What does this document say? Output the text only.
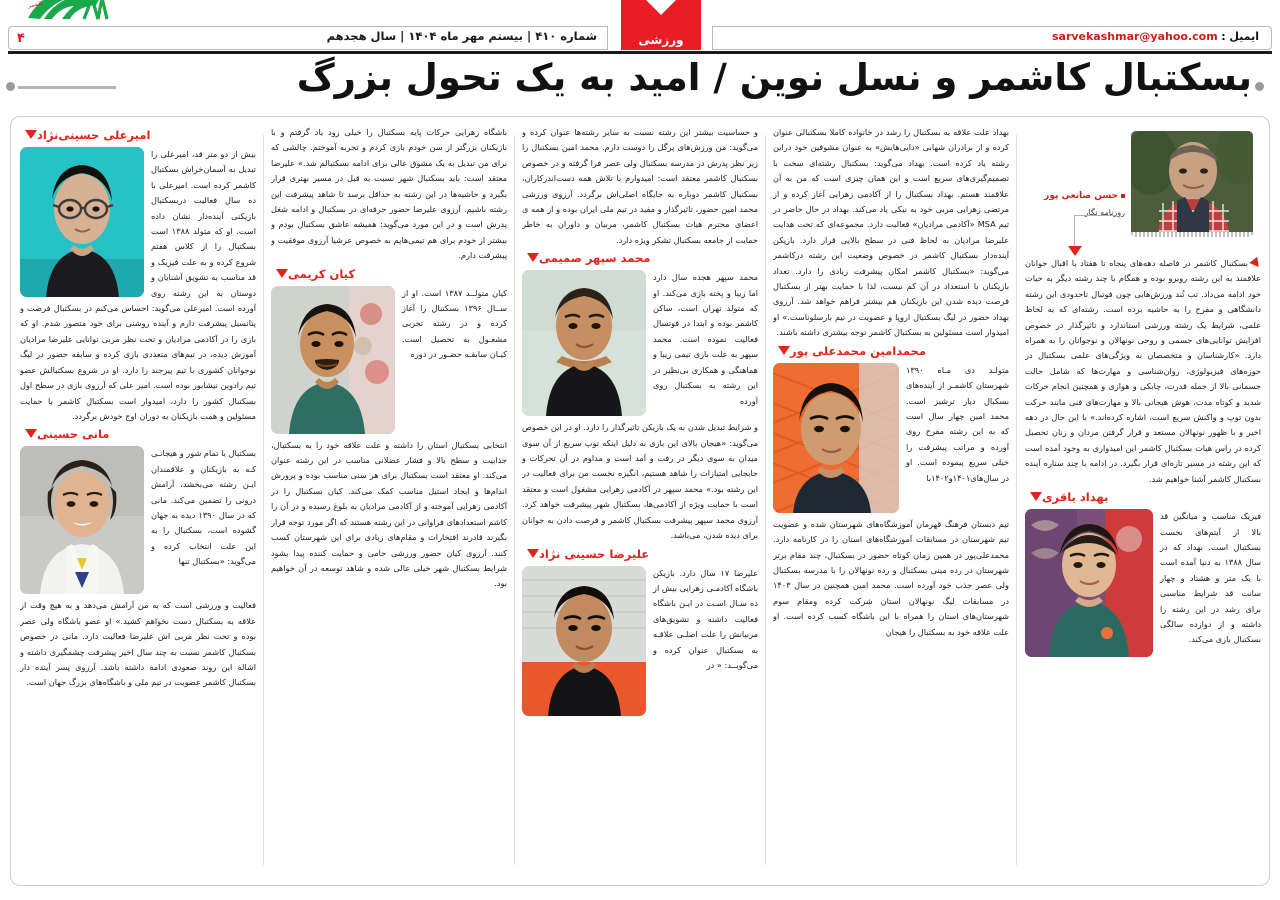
۴	شماره ۴۱۰ | بیستم مهر ماه ۱۴۰۴ | سال هجدهم
کاشمر
ورزشی	ایمیل : sarvekashmar@yahoo.com
بسکتبال کاشمر و نسل نوین / امید به یک تحول بزرگ
حسن صانعی پور
روزنامه نگار

بسکتبال کاشمر در فاصله دهه‌های پنجاه تا هفتاد با اقبال جوانان علاقمند به این رشته روبرو بوده و همگام با چند رشته دیگر به حیات خود ادامه می‌داد. تب تُند ورزش‌هایی چون فوتبال تاحدودی این رشته دانشگاهی و مفرح را به حاشیه برده است. رشته‌ای که به لحاظ علمی، شرایط یک رشته ورزشی استاندارد و تاثیرگذار در خصوص افزایش توانایی‌های جسمی و روحی نونهالان و نوجوانان را به همراه دارد. «کارشناسان و متخصصان به ویژگی‌های علمی بسکتبال در حوزه‌های فیزیولوژی، روان‌شناسی و مهارت‌ها که شامل حالت جسمانی بالا از جمله قدرت، چابکی و هوازی و همچنین انجام حرکات شدید و کوتاه مدت، هوش هیجانی بالا و مهارت‌های فنی مانند حرکت بدون توپ و واکنش سریع است، اشاره کرده‌اند.» با این حال در دهه اخیر و با ظهور نونهالان مستعد و قرار گرفتن مردان و زنان تحصیل کرده در راس هیات بسکتبال کاشمر این امیدواری به وجود آمده است که این رشته در مسیر تازه‌ای قرار بگیرد. در ادامه با چند ستاره آینده بسکتبال کاشمر آشنا خواهیم شد.

بهداد باقری

فیزیک مناسب و میانگین قد بالا از آیتم‌های نخست بسکتبال است. بهداد که در سال ۱۳۸۸ به دنیا آمده است با یک متر و هشتاد و چهار سانت قد شرایط مناسبی برای رشد در این رشته را داشته و از دوازده سالگی بسکتبال بازی می‌کند.

بهداد علت علاقه به بسکتبال را رشد در خانواده کاملا بسکتبالی عنوان کرده و از برادران شهابی «دایی‌هایش» به عنوان مشوقین خود دراین رشته یاد کرده است. بهداد می‌گوید: بسکتبال رشته‌ای سخت با تصمیم‌گیری‌های سریع است و این همان چیزی است که من به آن علاقمند هستم. بهداد بسکتبال را از آکادمی زهرایی آغاز کرده و از مرتضی زهرایی مربی خود به نیکی یاد می‌کند. بهداد در حال حاضر در تیم MSA «آکادمی مرادیان» فعالیت دارد. مجموعه‌ای که تحت هدایت علیرضا مرادیان به لحاظ فنی در سطح بالایی قرار دارد. بازیکن آینده‌دار بسکتبال کاشمر در خصوص وضعیت این رشته درکاشمر می‌گوید: «بسکتبال کاشمر امکان پیشرفت زیادی را دارد. تعداد بازیکنان با استعداد در آن کم نیست، لذا با حمایت بهتر از بسکتبال فرصت دیده شدن این بازیکنان هم بیشتر فراهم خواهد شد. آرزوی بهداد حضور در لیگ بسکتبال اروپا و عضویت در تیم بارسلوناست.» او امیدوار است مسئولین به بسکتبال کاشمر توجه بیشتری داشته باشند.

محمدامین محمدعلی پور

متولـد دی مـاه ۱۳۹۰ شهرستان کاشمـر از آینده‌های بسکبال دیار ترشیز است. محمد امین چهار سال است که به این رشته مفرح روی آورده و مراتب پیشرفت را خیلی سریع پیموده است. او در سال‌های۱۴۰۱و۱۴۰۲با

تیم دبستان فرهنگ قهرمان آموزشگاه‌های شهرستان شده و عضویت تیم شهرستان در مسابقات آموزشگاه‌های استان را در کارنامه دارد. محمدعلی‌پور در همین زمان کوتاه حضور در بسکتبال، چند مقام برتر شهرستان در رده مینی بسکتبال و رده نونهالان را با مدرسه بسکتبال ولی عصر جذب خود آورده است. محمد امین همچنین در سال ۱۴۰۳ در مسابقات لیگ نونهالان استان شرکت کرده ومقام سوم شهرستان‌های استان را همراه با این باشگاه کسب کرده است. او علت علاقه خود به بسکتبال را هیجان

و حساسیت بیشتر این رشته نسبت به سایر رشته‌ها عنوان کرده و می‌گوید: من ورزش‌های پرگل را دوست دارم. محمد امین بسکتبال را زیر نظر پدرش در مدرسه بسکتبال ولی عصر فرا گرفته و در خصوص بسکتبال کاشمر معتقد است: امیدوارم با تلاش همه دست‌اندرکاران، بسکتبال کاشمر دوباره به جایگاه اصلی‌اش برگردد. آرزوی ورزشی محمد امین حضور، تاثیرگذار و مفید در تیم ملی ایران بوده و از همه ی اعضای محترم هیات بسکتبال کاشمر، مربیان و داوران به خاطر حمایت از جامعه بسکتبال تشکر ویژه دارد.

محمد سپهر صمیمی

محمد سپهر هجده سال دارد اما زیبا و پخته بازی می‌کند. او که متولد تهران است، ساکن کاشمر بوده و ابتدا در فوتسال فعالیت نموده است. محمد سپهر به علت بازی تیمی زیبا و هماهنگی و همکاری بی‌نظیر در این رشته به بسکتبال روی آورده

و شرایط تبدیل شدن به یک بازیکن تاثیرگذار را دارد. او در این خصوص می‌گوید: «هیجان بالای این بازی به دلیل اینکه توپ سریع از آن سوی میدان به سوی دیگر در رفت و آمد است و مداوم در آن تحرکات و جابجایی امتیازات را شاهد هستیم، انگیزه نخست من برای فعالیت در این رشته بود.» محمد سپهر در آکادمی زهرایی مشغول است و معتقد است با حمایت ویژه از آکادمی‌ها، بسکتبال شهر پیشرفت خواهد کرد. آرزوی محمد سپهر پیشرفت بسکتبال کاشمر و فرصت دادن به جوانان برای دیده شدن، می‌باشد.

علیرضا حسینی نژاد

علیرضا ۱۷ سال دارد. بازیکن باشگاه آکادمـی زهرایی بیش از ده سـال اسـت در ایـن باشگاه فعالیت داشته و تشویق‌های مربیانش را علت اصلـی علاقـه به بسکتبال عنوان کرده و می‌گویــد: « در

باشگاه زهرایی حرکات پایه بسکتبال را خیلی زود یاد گرفتم و با بازیکنان بزرگتر از سن خودم بازی کردم و تجربه آموختم. چالشی که برای من تبدیل به یک مشوق عالی برای ادامه بسکتبالم شد.» علیرضا معتقد است: باید بسکتبال شهر نسبت به قبل در مسیر بهتری قرار بگیرد و حاشیه‌ها در این رشته به حداقل برسد تا شاهد پیشرفت این رشته باشیم. آرزوی علیرضا حضور حرفه‌ای در بسکتبال و ادامه شغل پدرش است و در این مورد می‌گوید: همیشه عاشق بسکتبال بودم و بیشتر از خودم برای هم تیمی‌هایم به خصوص عرشیا آرزوی موفقیت و پیشرفت دارم.

کیان کریمی

کیان متولــد ۱۳۸۷ است. او از ســال ۱۳۹۶ بسکتبال را آغاز کرده و در رشته تجربی مشغـول به تحصیل است. کیـان سابقـه حضـور در دوره

انتخابی بسکتبال استان را داشته و علت علاقه خود را به بسکتبال، جذابیت و سطح بالا و فشار عضلانی مناسب در این رشته عنوان می‌کند. او معتقد است بسکتبال برای هر سنی مناسب بوده و پرورش اندام‌ها و ایجاد استیل مناسب کمک می‌کند. کیان بسکتبال را در آکادمی زهرایی آموخته و از آکادمی مرادیان به بلوغ رسیده و در آن را کاشم‌ استعدادهای فراوانی در این رشته هستند که اگر مورد توجه قرار بگیرند قادرند افتخارات و مقام‌های زیادی برای این شهرستان کسب کنند. آرزوی کیان حضور ورزشی حامی و حمایت کننده پیدا بشود شرایط بسکتبال شهر خیلی عالی شده و شاهد توسعه در آن خواهیم بود.

امیرعلی حسینی‌نژاد

بیش از دو متر قد، امیرعلی را تبدیل به آسمان‌خراش بسکتبال کاشمر کرده است. امیرعلی با ده سال فعالیت دربسکتبال بازیکنی آینده‌دار نشان داده است. او که متولد ۱۳۸۸ است بسکتبال را از کلاس هفتم شروع کرده و به علت فیزیک و قد مناسب به تشویق آشنایان و دوستان به این رشته روی آورده است. امیرعلی می‌گوید: احساس می‌کنم در بسکتبال فرصت و پتانسیل پیشرفت دارم و آینده روشنی برای خود متصور شدم. او که بازی را در آکادمی مرادیان و تحت نظر مربی توانایی علیرضا مرادیان آموزش دیده، در تیم‌های متعددی بازی کرده و سابقه حضور در لیگ نوجوانان کشوری با تیم پیرجند را دارد. او در شروع بسکتبالش عضو تیم رادوین نیشابور بوده است. امیر علی که آرزوی بازی در سطح اول بسکتبال کشور را دارد، امیدوار است بسکتبال کاشمر با حمایت مسئولین و همت بازیکنان به دوران اوج خودش برگردد.

مانی حسینی

بسکتبال با تمام شور و هیجانـی کـه به بازیکنان و علاقمندان ایـن رشته می‌بخشد، آرامش درونی را تضمین می‌کند. مانی که در سال ۱۳۹۰ دیده به جهان گشوده است، بسکتبال را به این علت انتخاب کرده و می‌گوید: «بسکتبال تنها

فعالیت و ورزشی است که به من آرامش می‌دهد و به هیچ وقت از علاقه به بسکتبال دست نخواهم کشید.» او عضو باشگاه ولی عصر بوده و تحت نظر مربی اش علیرضا فعالیت دارد. مانی در خصوص بسکتبال کاشمر نسبت به چند سال اخیر پیشرفت چشمگیری داشته و اشاله این روند صعودی ادامه داشته باشد. آرزوی پسر آینده دار بسکتبال کاشمر عضویت در تیم ملی و باشگاه‌های بزرگ جهان است.
